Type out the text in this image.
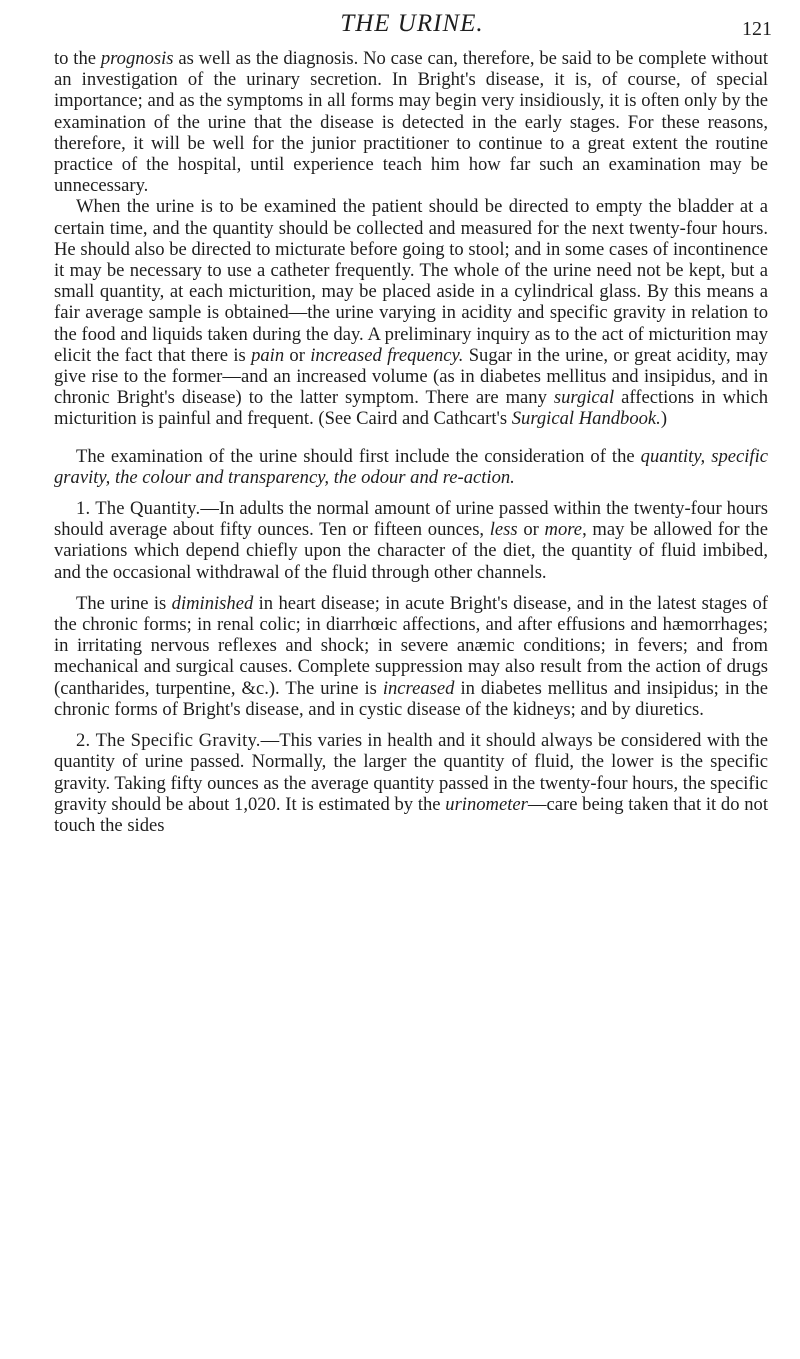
THE URINE.	121

to the prognosis as well as the diagnosis. No case can, therefore, be said to be complete without an investigation of the urinary secretion. In Bright's disease, it is, of course, of special importance; and as the symptoms in all forms may begin very insidiously, it is often only by the examination of the urine that the disease is detected in the early stages. For these reasons, therefore, it will be well for the junior practitioner to continue to a great extent the routine practice of the hospital, until experience teach him how far such an examination may be unnecessary.

When the urine is to be examined the patient should be directed to empty the bladder at a certain time, and the quantity should be collected and measured for the next twenty-four hours. He should also be directed to micturate before going to stool; and in some cases of incontinence it may be necessary to use a catheter frequently. The whole of the urine need not be kept, but a small quantity, at each micturition, may be placed aside in a cylindrical glass. By this means a fair average sample is obtained—the urine varying in acidity and specific gravity in relation to the food and liquids taken during the day. A preliminary inquiry as to the act of micturition may elicit the fact that there is pain or increased frequency. Sugar in the urine, or great acidity, may give rise to the former—and an increased volume (as in diabetes mellitus and insipidus, and in chronic Bright's disease) to the latter symptom. There are many surgical affections in which micturition is painful and frequent. (See Caird and Cathcart's Surgical Handbook.)

The examination of the urine should first include the consideration of the quantity, specific gravity, the colour and transparency, the odour and re-action.

1. The Quantity.—In adults the normal amount of urine passed within the twenty-four hours should average about fifty ounces. Ten or fifteen ounces, less or more, may be allowed for the variations which depend chiefly upon the character of the diet, the quantity of fluid imbibed, and the occasional withdrawal of the fluid through other channels.

The urine is diminished in heart disease; in acute Bright's disease, and in the latest stages of the chronic forms; in renal colic; in diarrhœic affections, and after effusions and hæmorrhages; in irritating nervous reflexes and shock; in severe anæmic conditions; in fevers; and from mechanical and surgical causes. Complete suppression may also result from the action of drugs (cantharides, turpentine, &c.). The urine is increased in diabetes mellitus and insipidus; in the chronic forms of Bright's disease, and in cystic disease of the kidneys; and by diuretics.

2. The Specific Gravity.—This varies in health and it should always be considered with the quantity of urine passed. Normally, the larger the quantity of fluid, the lower is the specific gravity. Taking fifty ounces as the average quantity passed in the twenty-four hours, the specific gravity should be about 1,020. It is estimated by the urinometer—care being taken that it do not touch the sides
